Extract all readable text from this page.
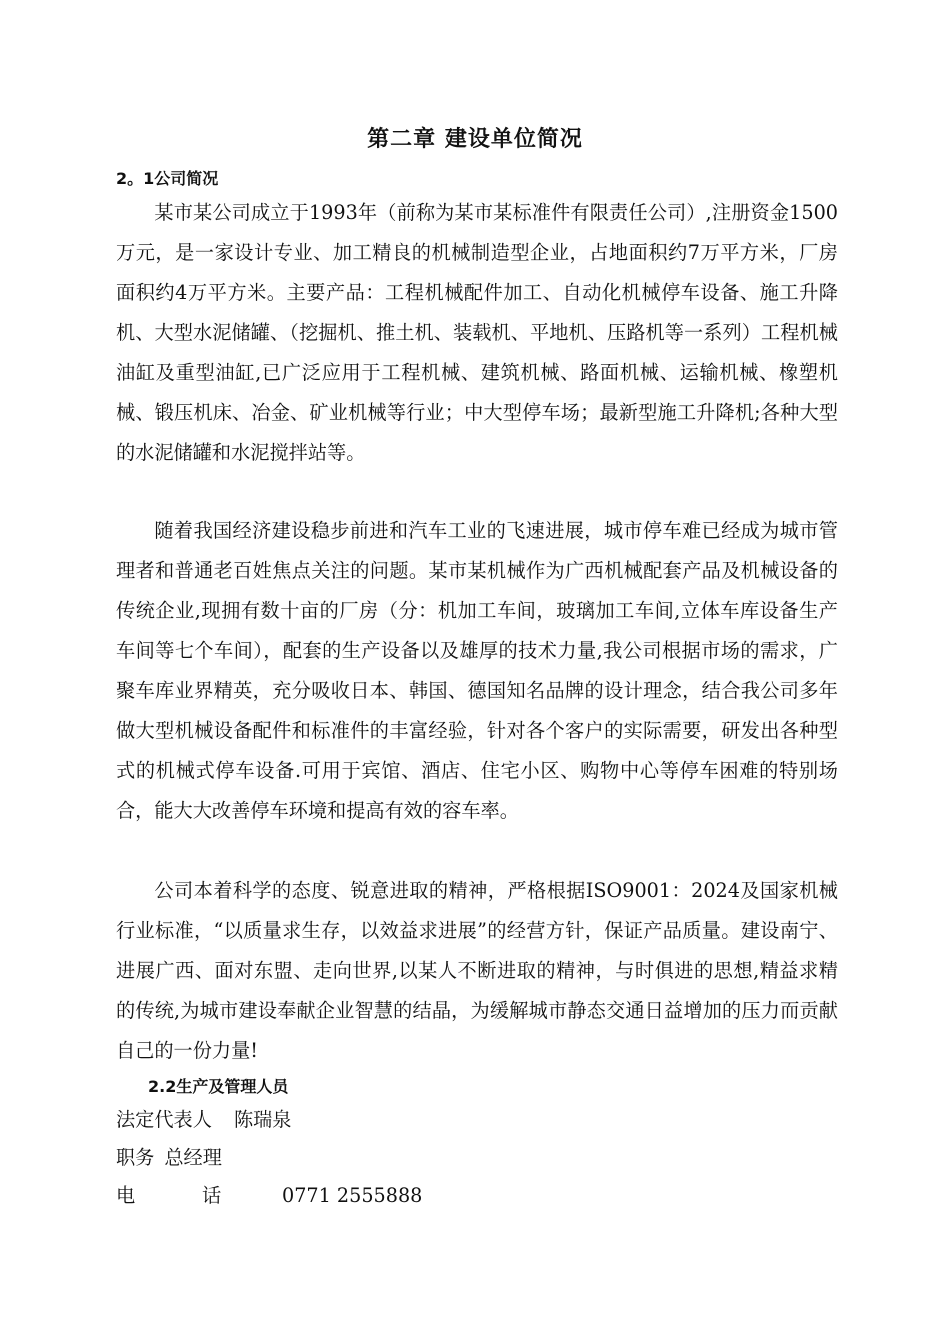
第二章 建设单位简况
2。1公司简况

某市某公司成立于1993年（前称为某市某标准件有限责任公司）,注册资金1500万元，是一家设计专业、加工精良的机械制造型企业，占地面积约7万平方米，厂房面积约4万平方米。主要产品：工程机械配件加工、自动化机械停车设备、施工升降机、大型水泥储罐、（挖掘机、推土机、装载机、平地机、压路机等一系列）工程机械油缸及重型油缸,已广泛应用于工程机械、建筑机械、路面机械、运输机械、橡塑机械、锻压机床、冶金、矿业机械等行业；中大型停车场；最新型施工升降机;各种大型的水泥储罐和水泥搅拌站等。

随着我国经济建设稳步前进和汽车工业的飞速进展，城市停车难已经成为城市管理者和普通老百姓焦点关注的问题。某市某机械作为广西机械配套产品及机械设备的传统企业,现拥有数十亩的厂房（分：机加工车间，玻璃加工车间,立体车库设备生产车间等七个车间），配套的生产设备以及雄厚的技术力量,我公司根据市场的需求，广聚车库业界精英，充分吸收日本、韩国、德国知名品牌的设计理念，结合我公司多年做大型机械设备配件和标准件的丰富经验，针对各个客户的实际需要，研发出各种型式的机械式停车设备.可用于宾馆、酒店、住宅小区、购物中心等停车困难的特别场合，能大大改善停车环境和提高有效的容车率。

公司本着科学的态度、锐意进取的精神，严格根据ISO9001：2024及国家机械行业标准，“以质量求生存，以效益求进展”的经营方针，保证产品质量。建设南宁、进展广西、面对东盟、走向世界,以某人不断进取的精神，与时俱进的思想,精益求精的传统,为城市建设奉献企业智慧的结晶，为缓解城市静态交通日益增加的压力而贡献自己的一份力量!

2.2生产及管理人员

法定代表人 陈瑞泉

职务 总经理

电	话	0771 2555888
